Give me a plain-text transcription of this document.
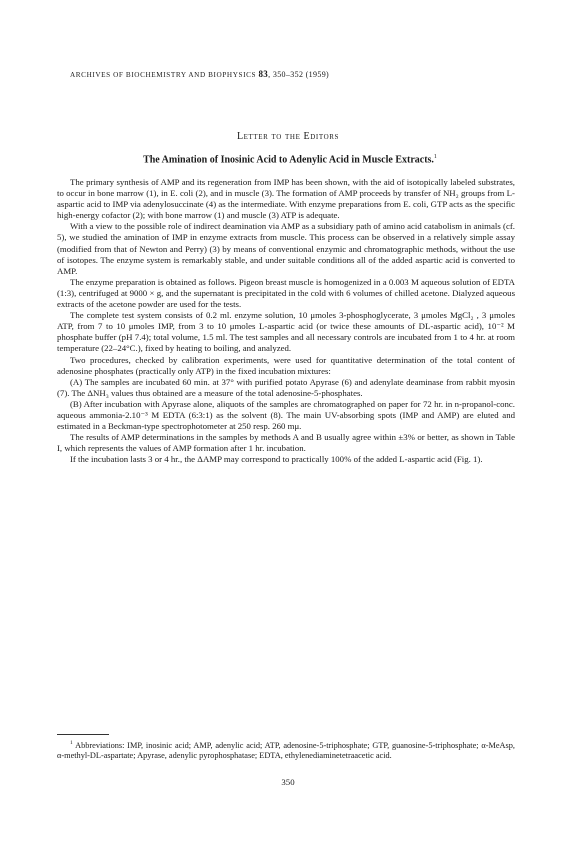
ARCHIVES OF BIOCHEMISTRY AND BIOPHYSICS 83, 350–352 (1959)
Letter to the Editors
The Amination of Inosinic Acid to Adenylic Acid in Muscle Extracts.$^1$

The primary synthesis of AMP and its regeneration from IMP has been shown, with the aid of isotopically labeled substrates, to occur in bone marrow (1), in E. coli (2), and in muscle (3). The formation of AMP proceeds by transfer of NH₂ groups from L-aspartic acid to IMP via adenylosuccinate (4) as the intermediate. With enzyme preparations from E. coli, GTP acts as the specific high-energy cofactor (2); with bone marrow (1) and muscle (3) ATP is adequate.

With a view to the possible role of indirect deamination via AMP as a subsidiary path of amino acid catabolism in animals (cf. 5), we studied the amination of IMP in enzyme extracts from muscle. This process can be observed in a relatively simple assay (modified from that of Newton and Perry) (3) by means of conventional enzymic and chromatographic methods, without the use of isotopes. The enzyme system is remarkably stable, and under suitable conditions all of the added aspartic acid is converted to AMP.

The enzyme preparation is obtained as follows. Pigeon breast muscle is homogenized in a 0.003 M aqueous solution of EDTA (1:3), centrifuged at 9000 × g, and the supernatant is precipitated in the cold with 6 volumes of chilled acetone. Dialyzed aqueous extracts of the acetone powder are used for the tests.

The complete test system consists of 0.2 ml. enzyme solution, 10 μmoles 3-phosphoglycerate, 3 μmoles MgCl₂ , 3 μmoles ATP, from 7 to 10 μmoles IMP, from 3 to 10 μmoles L-aspartic acid (or twice these amounts of DL-aspartic acid), 10⁻² M phosphate buffer (pH 7.4); total volume, 1.5 ml. The test samples and all necessary controls are incubated from 1 to 4 hr. at room temperature (22–24°C.), fixed by heating to boiling, and analyzed.

Two procedures, checked by calibration experiments, were used for quantitative determination of the total content of adenosine phosphates (practically only ATP) in the fixed incubation mixtures:

(A) The samples are incubated 60 min. at 37° with purified potato Apyrase (6) and adenylate deaminase from rabbit myosin (7). The ΔNH₃ values thus obtained are a measure of the total adenosine-5-phosphates.

(B) After incubation with Apyrase alone, aliquots of the samples are chromatographed on paper for 72 hr. in n-propanol-conc. aqueous ammonia-2.10⁻³ M EDTA (6:3:1) as the solvent (8). The main UV-absorbing spots (IMP and AMP) are eluted and estimated in a Beckman-type spectrophotometer at 250 resp. 260 mμ.

The results of AMP determinations in the samples by methods A and B usually agree within ±3% or better, as shown in Table I, which represents the values of AMP formation after 1 hr. incubation.

If the incubation lasts 3 or 4 hr., the ΔAMP may correspond to practically 100% of the added L-aspartic acid (Fig. 1).

$^1$ Abbreviations: IMP, inosinic acid; AMP, adenylic acid; ATP, adenosine-5-triphosphate; GTP, guanosine-5-triphosphate; α-MeAsp, α-methyl-DL-aspartate; Apyrase, adenylic pyrophosphatase; EDTA, ethylenediaminetetraacetic acid.
350
